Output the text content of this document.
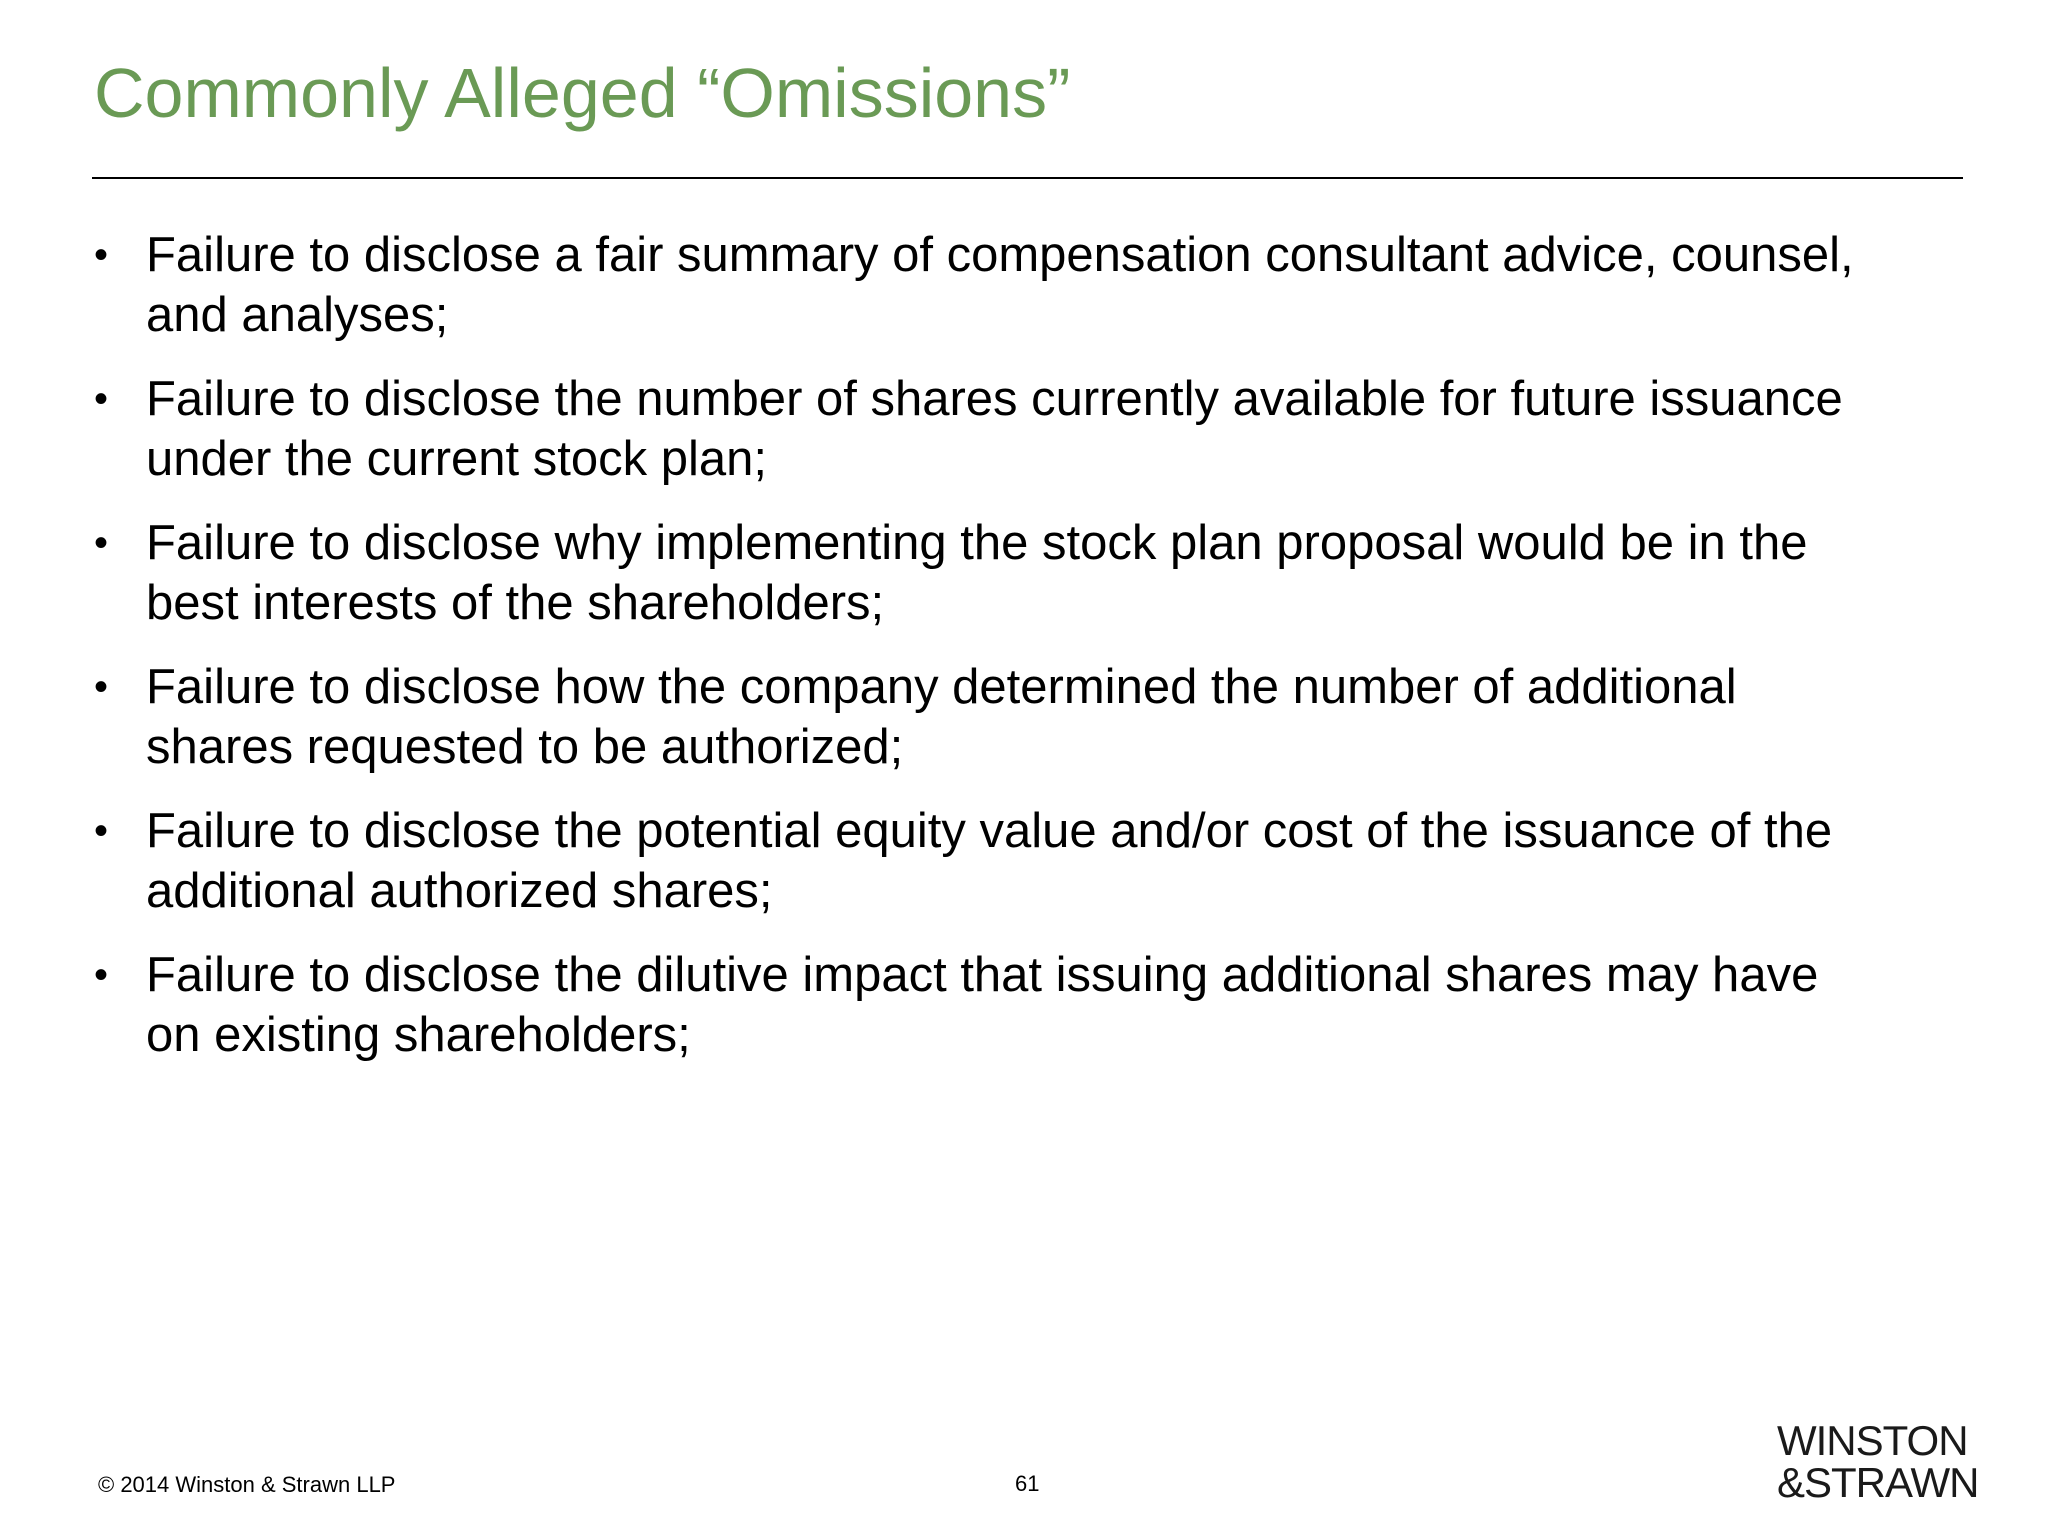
Commonly Alleged “Omissions”
• Failure to disclose a fair summary of compensation consultant advice, counsel,
and analyses;
• Failure to disclose the number of shares currently available for future issuance
under the current stock plan;
• Failure to disclose why implementing the stock plan proposal would be in the
best interests of the shareholders;
• Failure to disclose how the company determined the number of additional
shares requested to be authorized;
• Failure to disclose the potential equity value and/or cost of the issuance of the
additional authorized shares;
• Failure to disclose the dilutive impact that issuing additional shares may have
on existing shareholders;
© 2014 Winston & Strawn LLP	61
WINSTON
&STRAWN
